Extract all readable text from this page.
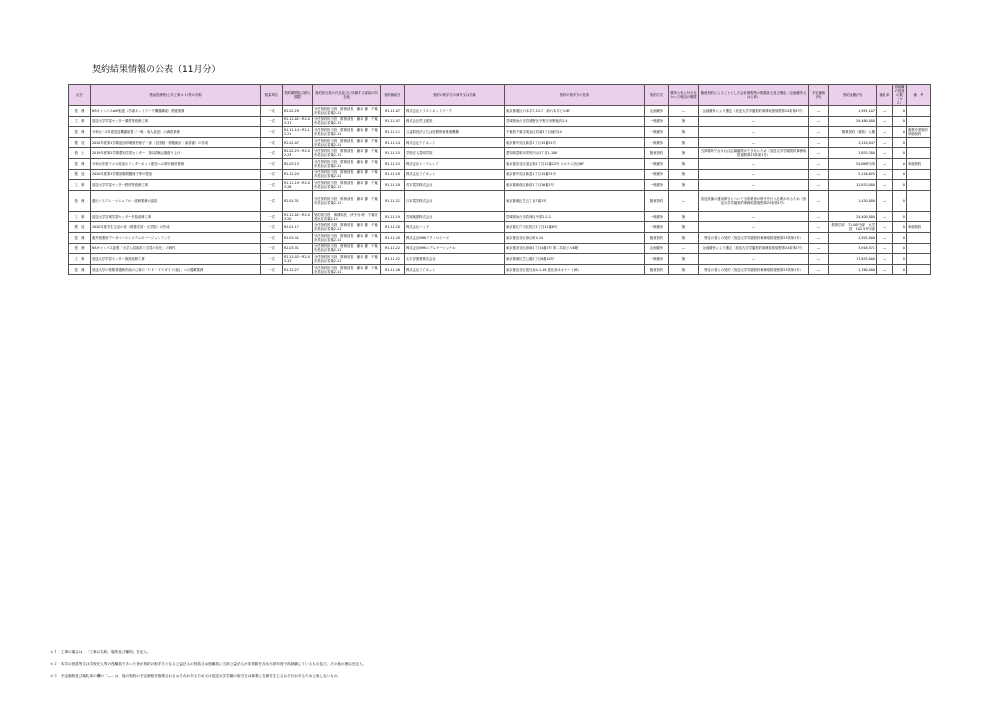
契約結果情報の公表（11月分）
区分	物品役務等(公共工事＊１)等の名称	数量単位	契約期間及び納入期限	契約担当役の氏名並びに所属する部局の所在地	契約締結日	契約の相手方の商号又は名称	契約の相手方の住所	契約方式	競争入札に付さなかった理由の概要	随意契約によることとした会計規程等の根拠条文及び理由（企画競争又は公募）	予定価格(円)	契約金額(円)	落札率	再就職の役員の数（＊２）	備　考
役　務	NSキャンパスwifi拡張（学術ネットワーク機器構成）関連業務	一式	R2.02.29	分任契約担当役　財務部長　藤本 優　千葉市美浜区若葉2-11	R1.11.07	株式会社トラストネットワーク	東京都港区六本木7-15-7　新六本木ビル6F	企画競争	―	企画競争により選定（放送大学学園契約事務取扱規程第24条第1号）	―	1,991,107	―	0	
工　事	放送大学学習センター講堂等改修工事	一式	R1.12.02～R2.03.31	分任契約担当役　財務部長　藤本 優　千葉市美浜区若葉2-11	R1.11.07	株式会社児玉建設	宮城県仙台市宮城野区中野字沖野地内2-4	一般競争	無	―	―	29,480,000	―	0	
役　務	令和元～2年度放送機器取替（一般・成人放送）の調査業務	一式	R1.11.14～R2.12.21	分任契約担当役　財務部長　藤本 優　千葉市美浜区若葉2-11	R1.11.11	公益財団法人ちば民間保育推進機構	千葉県千葉市美浜区若葉3丁目地内14	一般競争	無	―	―	概算契約（税抜）人額	―	0	複数年度契約 単価契約
製　造	2020年度第1学期追加印刷教材冊子一部（全国版・情報統計・演習書）の作成	一式	R2.01.07	分任契約担当役　財務部長　藤本 優　千葉市美浜区若葉2-11	R1.11.14	株式会社アイネット	東京都中央区新富1丁目15番21号	一般競争	無	―	―	3,220,047	―	0	
借　上	2019年度第2学期愛知学習センター　第2試験会場借り上げ	一式	R2.02.23～R2.02.23	分任契約担当役　財務部長　藤本 優　千葉市美浜区若葉2-11	R1.11.15	学校法人豊明学院	愛知県豊明市栄町内山2丁目1-100	随意契約	無	当該場所でなければ会場確保ができないため（放送大学学園契約事務取扱規程第23条第1号）	―	1,853,300	―	0	
役　務	令和元年度ラジオ放送のインターネット配信への移行検討業務	一式	R2.03.13	分任契約担当役　財務部長　藤本 優　千葉市美浜区若葉2-11	R1.11.15	株式会社エーフェシア	東京都渋谷区道玄坂1丁目12番12号 コルナス渋谷6F	一般競争	無	―	―	34,008円/単	―	0	単価契約
製　造	2020年度第1学期試験問題冊子等の製造	一式	R1.12.24	分任契約担当役　財務部長　藤本 優　千葉市美浜区若葉2-11	R1.11.18	株式会社アイネット	東京都中央区新富1丁目15番21号	一般競争	無	―	―	2,216,625	―	0	
工　事	放送大学学習センター教材等改修工事	一式	R1.11.19～R2.03.28	分任契約担当役　財務部長　藤本 優　千葉市美浜区若葉2-11	R1.11.18	茂木電気株式会社	東京都新宿区新宿1丁目26番1号	一般競争	無	―	―	12,870,000	―	0	
役　務	運行システム・マニュアル・改修業務の請負	一式	R2.01.31	分任契約担当役　財務部長　藤本 優　千葉市美浜区若葉2-11	R1.11.21	日本電気株式会社	東京都港区芝五丁目7番1号	随意契約	―	放送設備の運用保守について当該業者が保守を行う必要があるため（放送大学学園契約事務取扱規程第23条第1号）	―	1,430,000	―	0	
工　事	放送大学宮城学習センター外装改修工事	一式	R1.12.02～R2.03.20	契約担当役　事務局長　伊予谷 明　千葉市美浜区若葉2-11	R1.11.19	宮城地建株式会社	宮城県仙台市若林区中倉2-2-1	一般競争	無	―	―	24,400,000	―	0	
製　造	2020年度学生生活の栞（教養学部・大学院）の作成	一式	R2.01.17	分任契約担当役　財務部長　藤本 優　千葉市美浜区若葉2-11	R1.11.20	株式会社ハップ	東京都江戸川区松江1丁目11番8号	一般競争	無	―	―	教養学部　71.00円/部　大学院　102.57円/部	―	0	単価契約
役　務	番外授業用データベースシステムのバージョンアップ	一式	R2.03.31	分任契約担当役　財務部長　藤本 優　千葉市美浜区若葉2-11	R1.11.20	株式会社NHKテクノロジーズ	東京都渋谷区神山町4-14	随意契約	無	特定の者との契約（放送大学学園契約事務取扱規程第23条第1号）	―	1,925,000	―	0	
役　務	NSキャンパス拡張「大学入試改革と学習の変化」の制作	一式	R2.03.31	分任契約担当役　財務部長　藤本 優　千葉市美浜区若葉2-11	R1.11.22	株式会社NHKエデュケーショナル	東京都渋谷区神南1丁目4番1号 第二共同ビル6階	企画競争	―	企画競争により選定（放送大学学園契約事務取扱規程第24条第1号）	―	3,916,571	―	0	
工　事	放送大学学習センター施設改修工事	一式	R1.12.02～R2.03.13	分任契約担当役　財務部長　藤本 優　千葉市美浜区若葉2-11	R1.11.22	太平洋建業株式会社	東京都港区芝公園1丁目8番10号	一般競争	無	―	―	17,653,000	―	0	
役　務	放送大学の校歌普通制作曲の公募の「ＵＰ・ＴＶガイド(仮)」への掲載業務	一式	R1.12.27	分任契約担当役　財務部長　藤本 優　千葉市美浜区若葉2-11	R1.11.26	株式会社アイネット	東京都渋谷区恵比寿4-1-18 恵比寿ネオナート(B)	随意契約	無	特定の者との契約（放送大学学園契約事務取扱規程第23条第1号）	―	1,760,000	―	0	
＊１　工事の場合は、「工事の名称、場所及び種別」を記入。
＊２　本学の役員等又は学校法人等の役職員であった者が契約の相手方となる公益法人の役員又は役職員に当該公益法人が非常勤を含め当該年度で再就職しているもの及び、その他の理由を記入。
＊３　予定価格及び落札率の欄の「―」は、他の契約の予定価格を推測されるおそれがあるため又は放送大学学園の取引又は事業に支障を生じるおそれがあるため公表しないもの。
